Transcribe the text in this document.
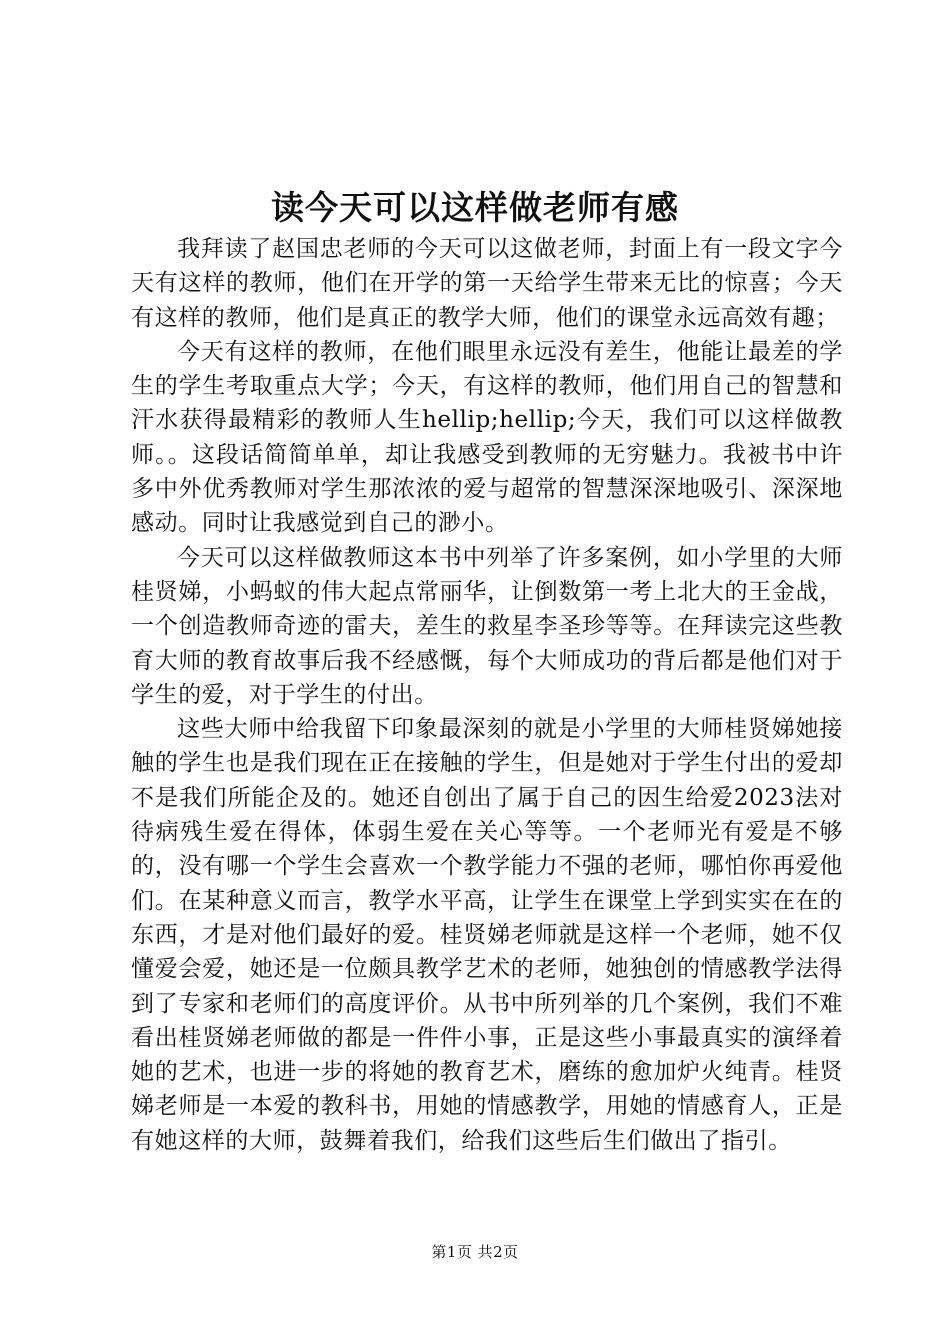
读今天可以这样做老师有感

我拜读了赵国忠老师的今天可以这做老师，封面上有一段文字今天有这样的教师，他们在开学的第一天给学生带来无比的惊喜；今天有这样的教师，他们是真正的教学大师，他们的课堂永远高效有趣；

今天有这样的教师，在他们眼里永远没有差生，他能让最差的学生的学生考取重点大学；今天，有这样的教师，他们用自己的智慧和汗水获得最精彩的教师人生hellip;hellip;今天，我们可以这样做教师。。这段话简简单单，却让我感受到教师的无穷魅力。我被书中许多中外优秀教师对学生那浓浓的爱与超常的智慧深深地吸引、深深地感动。同时让我感觉到自己的渺小。

今天可以这样做教师这本书中列举了许多案例，如小学里的大师桂贤娣，小蚂蚁的伟大起点常丽华，让倒数第一考上北大的王金战，一个创造教师奇迹的雷夫，差生的救星李圣珍等等。在拜读完这些教育大师的教育故事后我不经感慨，每个大师成功的背后都是他们对于学生的爱，对于学生的付出。

这些大师中给我留下印象最深刻的就是小学里的大师桂贤娣她接触的学生也是我们现在正在接触的学生，但是她对于学生付出的爱却不是我们所能企及的。她还自创出了属于自己的因生给爱2023法对待病残生爱在得体，体弱生爱在关心等等。一个老师光有爱是不够的，没有哪一个学生会喜欢一个教学能力不强的老师，哪怕你再爱他们。在某种意义而言，教学水平高，让学生在课堂上学到实实在在的东西，才是对他们最好的爱。桂贤娣老师就是这样一个老师，她不仅懂爱会爱，她还是一位颇具教学艺术的老师，她独创的情感教学法得到了专家和老师们的高度评价。从书中所列举的几个案例，我们不难看出桂贤娣老师做的都是一件件小事，正是这些小事最真实的演绎着她的艺术，也进一步的将她的教育艺术，磨练的愈加炉火纯青。桂贤娣老师是一本爱的教科书，用她的情感教学，用她的情感育人，正是有她这样的大师，鼓舞着我们，给我们这些后生们做出了指引。

第1页 共2页
